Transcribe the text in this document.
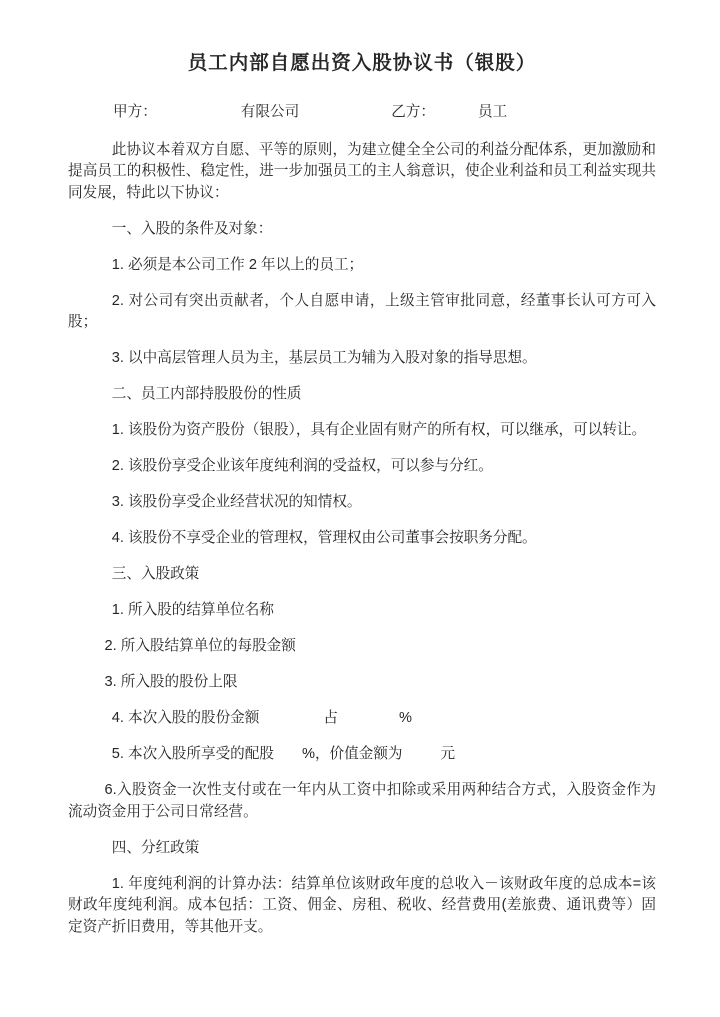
员工内部自愿出资入股协议书（银股）
甲方：	有限公司	乙方：	员工

此协议本着双方自愿、平等的原则，为建立健全全公司的利益分配体系，更加激励和提高员工的积极性、稳定性，进一步加强员工的主人翁意识，使企业利益和员工利益实现共同发展，特此以下协议：

一、入股的条件及对象：

1. 必须是本公司工作 2 年以上的员工；

2. 对公司有突出贡献者，个人自愿申请，上级主管审批同意，经董事长认可方可入股；

3. 以中高层管理人员为主，基层员工为辅为入股对象的指导思想。

二、员工内部持股股份的性质

1. 该股份为资产股份（银股），具有企业固有财产的所有权，可以继承，可以转让。

2. 该股份享受企业该年度纯利润的受益权，可以参与分红。

3. 该股份享受企业经营状况的知情权。

4. 该股份不享受企业的管理权，管理权由公司董事会按职务分配。

三、入股政策

1. 所入股的结算单位名称

2. 所入股结算单位的每股金额

3. 所入股的股份上限

4. 本次入股的股份金额	占	%

5. 本次入股所享受的配股 %，价值金额为	元

6.入股资金一次性支付或在一年内从工资中扣除或采用两种结合方式，入股资金作为流动资金用于公司日常经营。

四、分红政策

1. 年度纯利润的计算办法：结算单位该财政年度的总收入－该财政年度的总成本=该财政年度纯利润。成本包括：工资、佣金、房租、税收、经营费用(差旅费、通讯费等）固定资产折旧费用，等其他开支。
